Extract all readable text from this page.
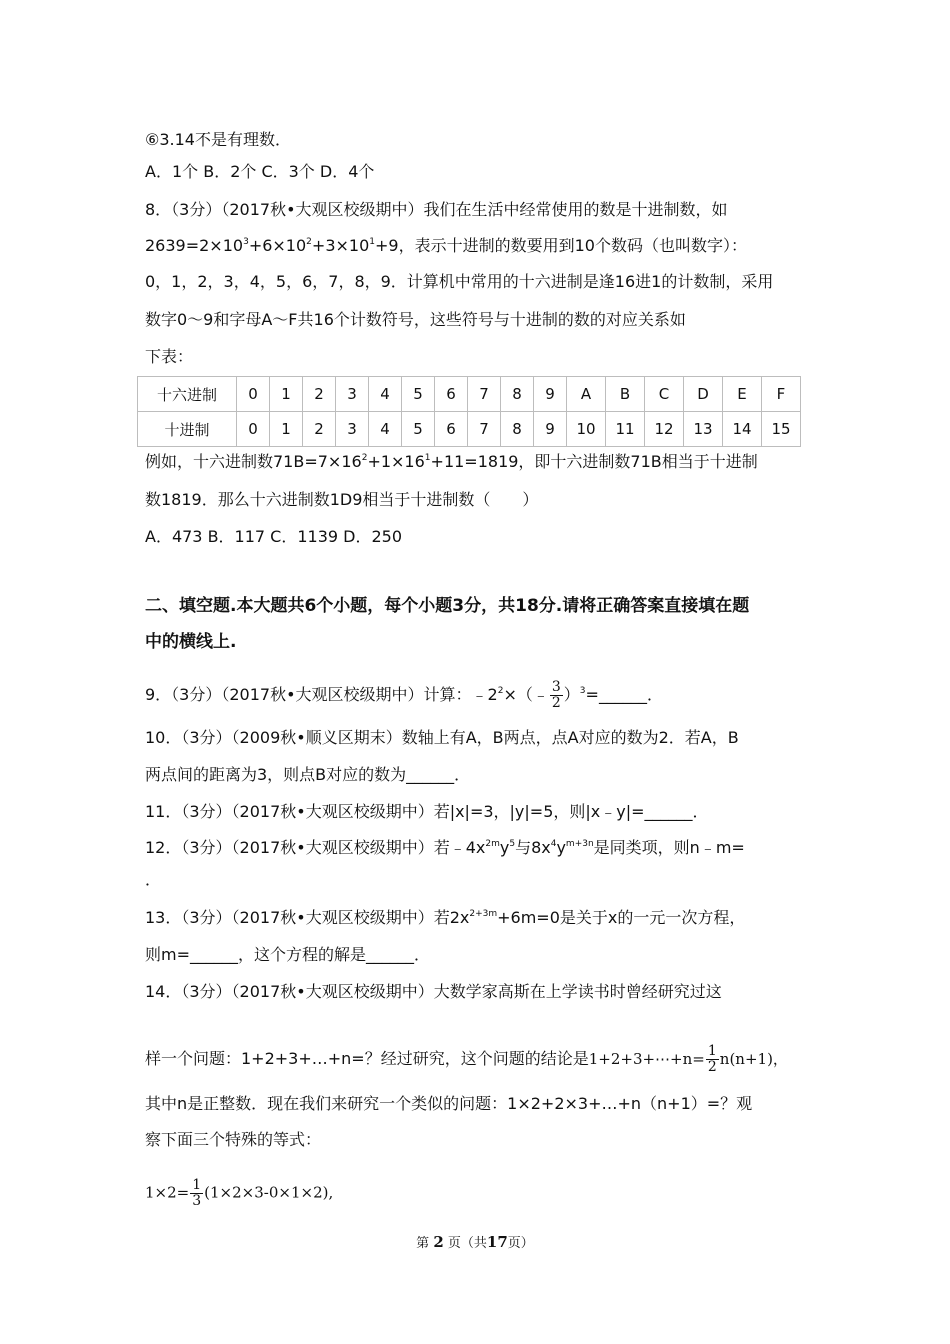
⑥3.14不是有理数．
A．1个 B．2个 C．3个 D．4个
8．（3分）（2017秋•大观区校级期中）我们在生活中经常使用的数是十进制数，如
$2639=2\times 10^3+6\times 10^2+3\times 10^1+9$，表示十进制的数要用到10个数码（也叫数字）：
0，1，2，3，4，5，6，7，8，9．计算机中常用的十六进制是逢16进1的计数制，采用
数字0～9和字母A～F共16个计数符号，这些符号与十进制的数的对应关系如
下表：
十六进制	0	1	2	3	4	5	6	7	8	9	A	B	C	D	E	F
十进制	0	1	2	3	4	5	6	7	8	9	10	11	12	13	14	15
例如，十六进制数$71B=7\times 16^2+1\times 16^1+11=1819$，即十六进制数71B相当于十进制
数1819．那么十六进制数1D9相当于十进制数（　　）
A．473 B．117 C．1139 D．250
二、填空题.本大题共6个小题，每个小题3分，共18分.请将正确答案直接填在题
中的横线上.
9．（3分）（2017秋•大观区校级期中）计算：$﹣2^2\times(﹣ \frac{3}{2}$ ）$^3$=______．
10．（3分）（2009秋•顺义区期末）数轴上有A，B两点，点A对应的数为2．若A，B
两点间的距离为3，则点B对应的数为______．
11．（3分）（2017秋•大观区校级期中）若|x|=3，|y|=5，则|x﹣y|=______．
12．（3分）（2017秋•大观区校级期中）若$﹣4x^{2m}y^5$与$8x^4y^{m+3n}$是同类项，则n﹣m=
．
13．（3分）（2017秋•大观区校级期中）若$2x^{2+3m}+6m=0$是关于x的一元一次方程，
则m=______，这个方程的解是______．
14．（3分）（2017秋•大观区校级期中）大数学家高斯在上学读书时曾经研究过这
样一个问题：1+2+3+…+n=？经过研究，这个问题的结论是1+2+3+⋯+n= $\frac{1}{2} n(n+1)$，
其中n是正整数．现在我们来研究一个类似的问题：1×2+2×3+…+n（n+1）=？观
察下面三个特殊的等式：
$1\times 2= \frac{1}{3} (1\times 2\times 3-0\times 1\times 2)$,
第 2 页（共17页）
